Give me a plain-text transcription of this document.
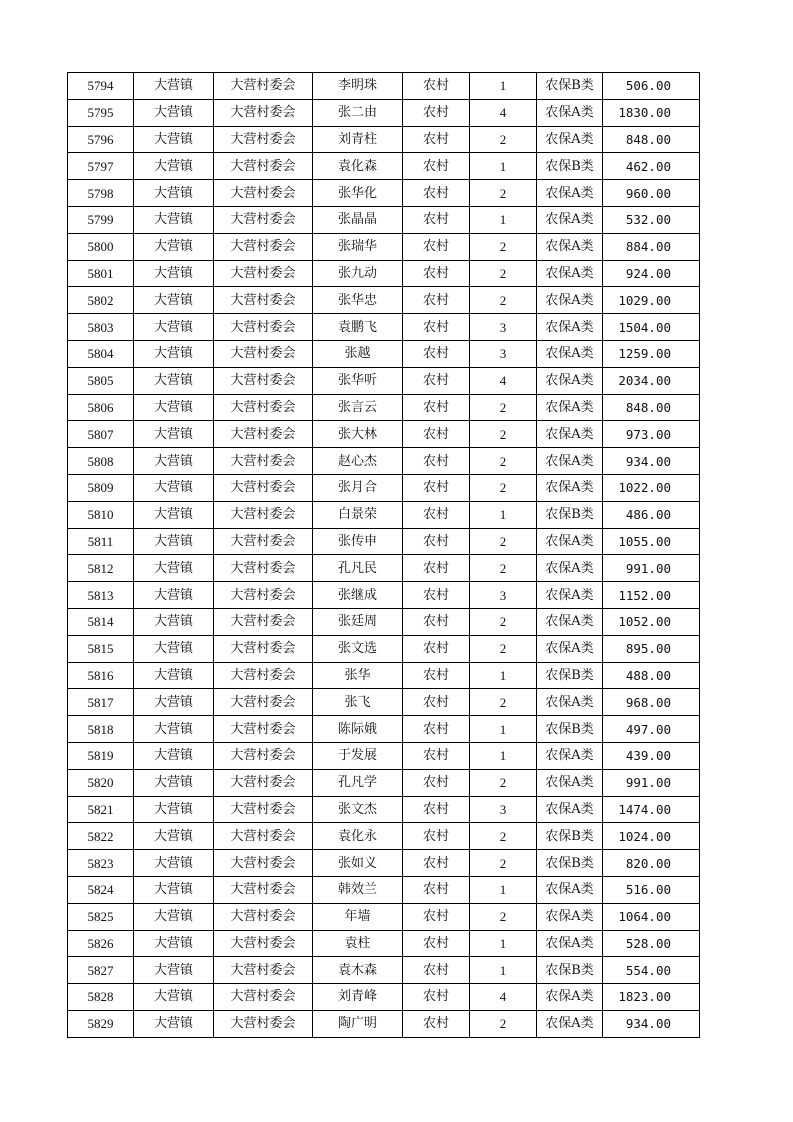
5794	大营镇	大营村委会	李明珠	农村	1	农保B类	506.00
5795	大营镇	大营村委会	张二由	农村	4	农保A类	1830.00
5796	大营镇	大营村委会	刘青柱	农村	2	农保A类	848.00
5797	大营镇	大营村委会	袁化森	农村	1	农保B类	462.00
5798	大营镇	大营村委会	张华化	农村	2	农保A类	960.00
5799	大营镇	大营村委会	张晶晶	农村	1	农保A类	532.00
5800	大营镇	大营村委会	张瑞华	农村	2	农保A类	884.00
5801	大营镇	大营村委会	张九动	农村	2	农保A类	924.00
5802	大营镇	大营村委会	张华忠	农村	2	农保A类	1029.00
5803	大营镇	大营村委会	袁鹏飞	农村	3	农保A类	1504.00
5804	大营镇	大营村委会	张越	农村	3	农保A类	1259.00
5805	大营镇	大营村委会	张华听	农村	4	农保A类	2034.00
5806	大营镇	大营村委会	张言云	农村	2	农保A类	848.00
5807	大营镇	大营村委会	张大林	农村	2	农保A类	973.00
5808	大营镇	大营村委会	赵心杰	农村	2	农保A类	934.00
5809	大营镇	大营村委会	张月合	农村	2	农保A类	1022.00
5810	大营镇	大营村委会	白景荣	农村	1	农保B类	486.00
5811	大营镇	大营村委会	张传申	农村	2	农保A类	1055.00
5812	大营镇	大营村委会	孔凡民	农村	2	农保A类	991.00
5813	大营镇	大营村委会	张继成	农村	3	农保A类	1152.00
5814	大营镇	大营村委会	张廷周	农村	2	农保A类	1052.00
5815	大营镇	大营村委会	张文选	农村	2	农保A类	895.00
5816	大营镇	大营村委会	张华	农村	1	农保B类	488.00
5817	大营镇	大营村委会	张飞	农村	2	农保A类	968.00
5818	大营镇	大营村委会	陈际娥	农村	1	农保B类	497.00
5819	大营镇	大营村委会	于发展	农村	1	农保A类	439.00
5820	大营镇	大营村委会	孔凡学	农村	2	农保A类	991.00
5821	大营镇	大营村委会	张文杰	农村	3	农保A类	1474.00
5822	大营镇	大营村委会	袁化永	农村	2	农保B类	1024.00
5823	大营镇	大营村委会	张如义	农村	2	农保B类	820.00
5824	大营镇	大营村委会	韩效兰	农村	1	农保A类	516.00
5825	大营镇	大营村委会	年墙	农村	2	农保A类	1064.00
5826	大营镇	大营村委会	袁柱	农村	1	农保A类	528.00
5827	大营镇	大营村委会	袁木森	农村	1	农保B类	554.00
5828	大营镇	大营村委会	刘青峰	农村	4	农保A类	1823.00
5829	大营镇	大营村委会	陶广明	农村	2	农保A类	934.00
